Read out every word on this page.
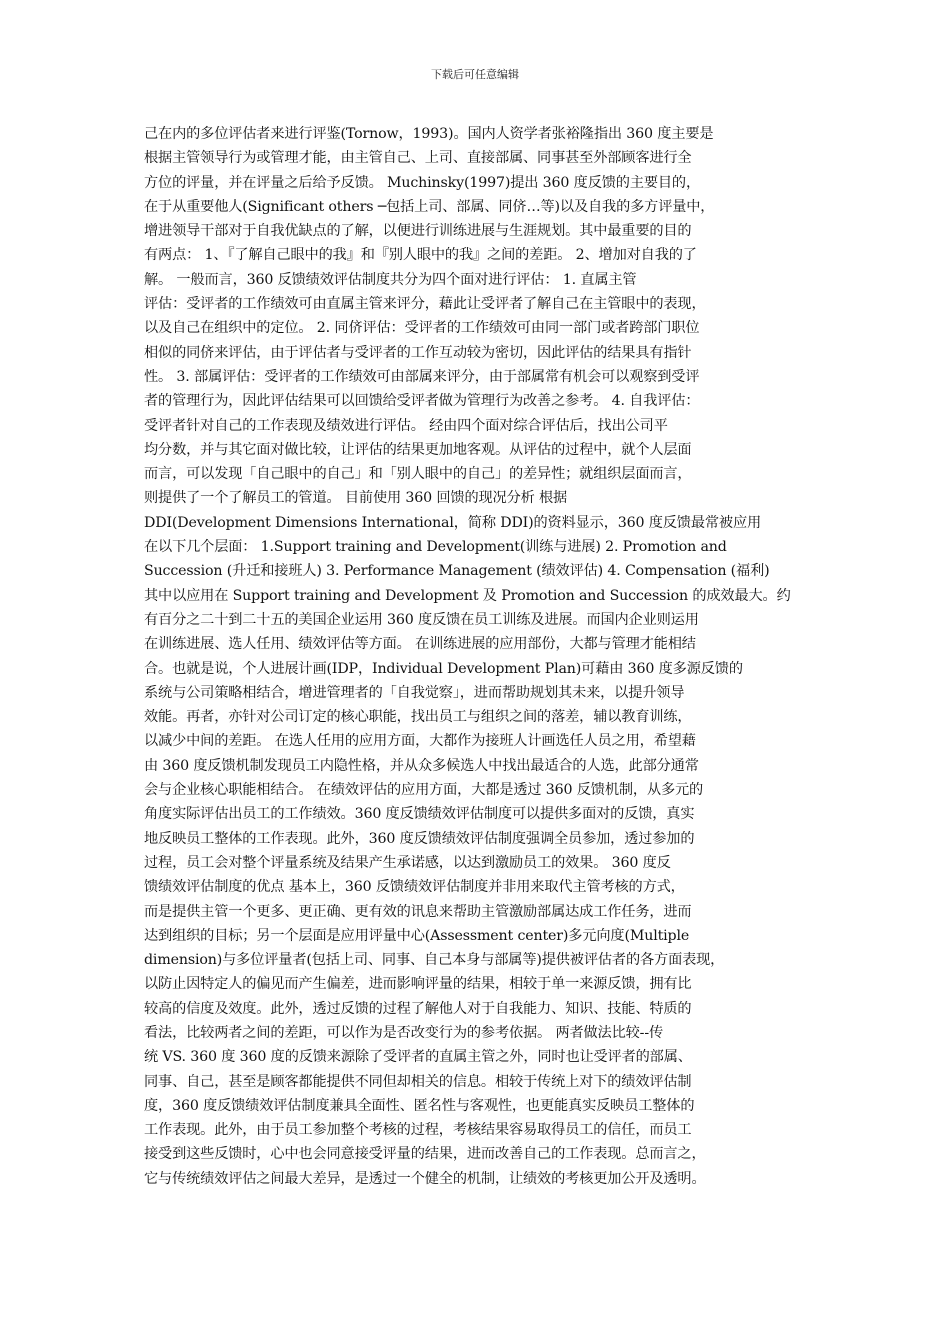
下载后可任意编辑
己在内的多位评估者来进行评鉴(Tornow，1993)。国内人资学者张裕隆指出 360 度主要是
根据主管领导行为或管理才能，由主管自己、上司、直接部属、同事甚至外部顾客进行全
方位的评量，并在评量之后给予反馈。 Muchinsky(1997)提出 360 度反馈的主要目的，
在于从重要他人(Significant others ─包括上司、部属、同侪…等)以及自我的多方评量中，
增进领导干部对于自我优缺点的了解，以便进行训练进展与生涯规划。其中最重要的目的
有两点： 1、『了解自己眼中的我』和『别人眼中的我』之间的差距。 2、增加对自我的了
解。 一般而言，360 反馈绩效评估制度共分为四个面对进行评估： 1. 直属主管
评估：受评者的工作绩效可由直属主管来评分，藉此让受评者了解自己在主管眼中的表现，
以及自己在组织中的定位。 2. 同侪评估：受评者的工作绩效可由同一部门或者跨部门职位
相似的同侪来评估，由于评估者与受评者的工作互动较为密切，因此评估的结果具有指针
性。 3. 部属评估：受评者的工作绩效可由部属来评分，由于部属常有机会可以观察到受评
者的管理行为，因此评估结果可以回馈给受评者做为管理行为改善之参考。 4. 自我评估：
受评者针对自己的工作表现及绩效进行评估。 经由四个面对综合评估后，找出公司平
均分数，并与其它面对做比较，让评估的结果更加地客观。从评估的过程中，就个人层面
而言，可以发现「自己眼中的自己」和「别人眼中的自己」的差异性；就组织层面而言，
则提供了一个了解员工的管道。 目前使用 360 回馈的现况分析 根据
DDI(Development Dimensions International，简称 DDI)的资料显示，360 度反馈最常被应用
在以下几个层面： 1.Support training and Development(训练与进展) 2. Promotion and
Succession (升迁和接班人) 3. Performance Management (绩效评估) 4. Compensation (福利)
其中以应用在 Support training and Development 及 Promotion and Succession 的成效最大。约
有百分之二十到二十五的美国企业运用 360 度反馈在员工训练及进展。而国内企业则运用
在训练进展、选人任用、绩效评估等方面。 在训练进展的应用部份，大都与管理才能相结
合。也就是说，个人进展计画(IDP，Individual Development Plan)可藉由 360 度多源反馈的
系统与公司策略相结合，增进管理者的「自我觉察」，进而帮助规划其未来，以提升领导
效能。再者，亦针对公司订定的核心职能，找出员工与组织之间的落差，辅以教育训练，
以减少中间的差距。 在选人任用的应用方面，大都作为接班人计画选任人员之用，希望藉
由 360 度反馈机制发现员工内隐性格，并从众多候选人中找出最适合的人选，此部分通常
会与企业核心职能相结合。 在绩效评估的应用方面，大都是透过 360 反馈机制，从多元的
角度实际评估出员工的工作绩效。360 度反馈绩效评估制度可以提供多面对的反馈，真实
地反映员工整体的工作表现。此外，360 度反馈绩效评估制度强调全员参加，透过参加的
过程，员工会对整个评量系统及结果产生承诺感，以达到激励员工的效果。 360 度反
馈绩效评估制度的优点 基本上，360 反馈绩效评估制度并非用来取代主管考核的方式，
而是提供主管一个更多、更正确、更有效的讯息来帮助主管激励部属达成工作任务，进而
达到组织的目标；另一个层面是应用评量中心(Assessment center)多元向度(Multiple
dimension)与多位评量者(包括上司、同事、自己本身与部属等)提供被评估者的各方面表现，
以防止因特定人的偏见而产生偏差，进而影响评量的结果，相较于单一来源反馈，拥有比
较高的信度及效度。此外，透过反馈的过程了解他人对于自我能力、知识、技能、特质的
看法，比较两者之间的差距，可以作为是否改变行为的参考依据。 两者做法比较--传
统 VS. 360 度 360 度的反馈来源除了受评者的直属主管之外，同时也让受评者的部属、
同事、自己，甚至是顾客都能提供不同但却相关的信息。相较于传统上对下的绩效评估制
度，360 度反馈绩效评估制度兼具全面性、匿名性与客观性，也更能真实反映员工整体的
工作表现。此外，由于员工参加整个考核的过程，考核结果容易取得员工的信任，而员工
接受到这些反馈时，心中也会同意接受评量的结果，进而改善自己的工作表现。总而言之，
它与传统绩效评估之间最大差异，是透过一个健全的机制，让绩效的考核更加公开及透明。
